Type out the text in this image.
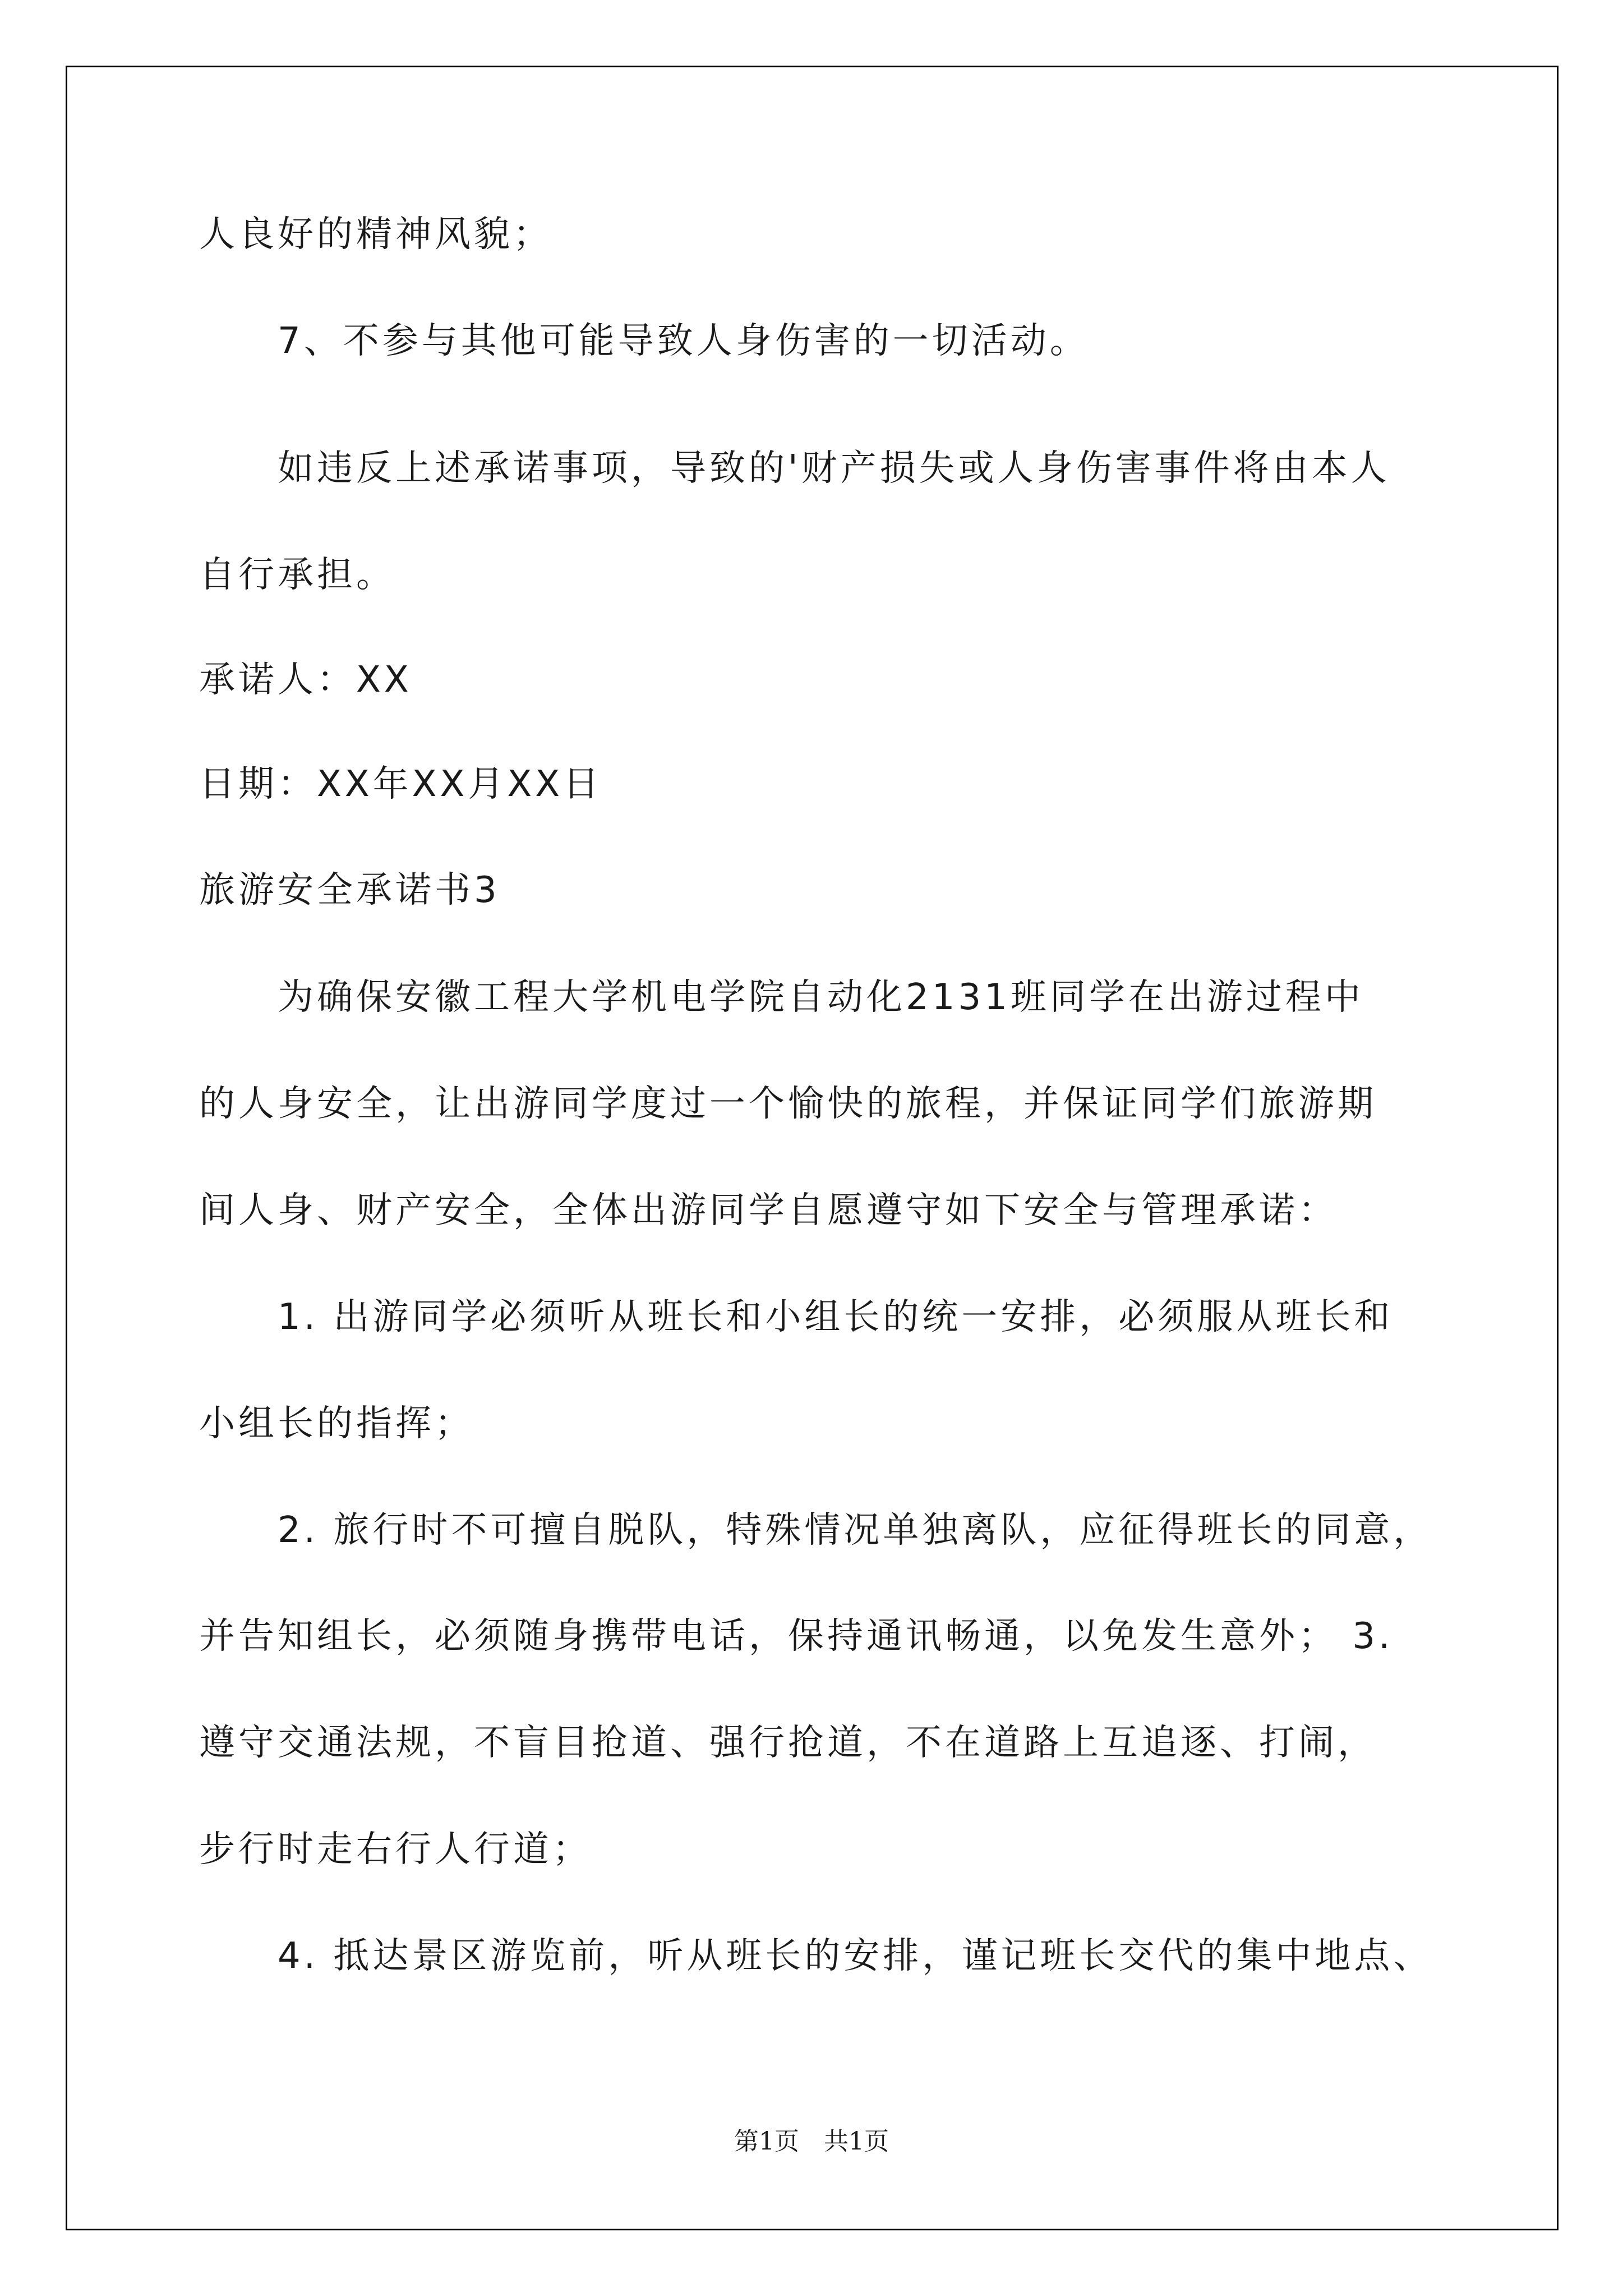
人良好的精神风貌；

7、不参与其他可能导致人身伤害的一切活动。

如违反上述承诺事项，导致的'财产损失或人身伤害事件将由本人

自行承担。

承诺人：XX

日期：XX年XX月XX日

旅游安全承诺书3

为确保安徽工程大学机电学院自动化2131班同学在出游过程中

的人身安全，让出游同学度过一个愉快的旅程，并保证同学们旅游期

间人身、财产安全，全体出游同学自愿遵守如下安全与管理承诺：

1. 出游同学必须听从班长和小组长的统一安排，必须服从班长和

小组长的指挥；

2. 旅行时不可擅自脱队，特殊情况单独离队，应征得班长的同意，

并告知组长，必须随身携带电话，保持通讯畅通，以免发生意外； 3.

遵守交通法规，不盲目抢道、强行抢道，不在道路上互追逐、打闹，

步行时走右行人行道；

4. 抵达景区游览前，听从班长的安排，谨记班长交代的集中地点、

第1页　共1页
